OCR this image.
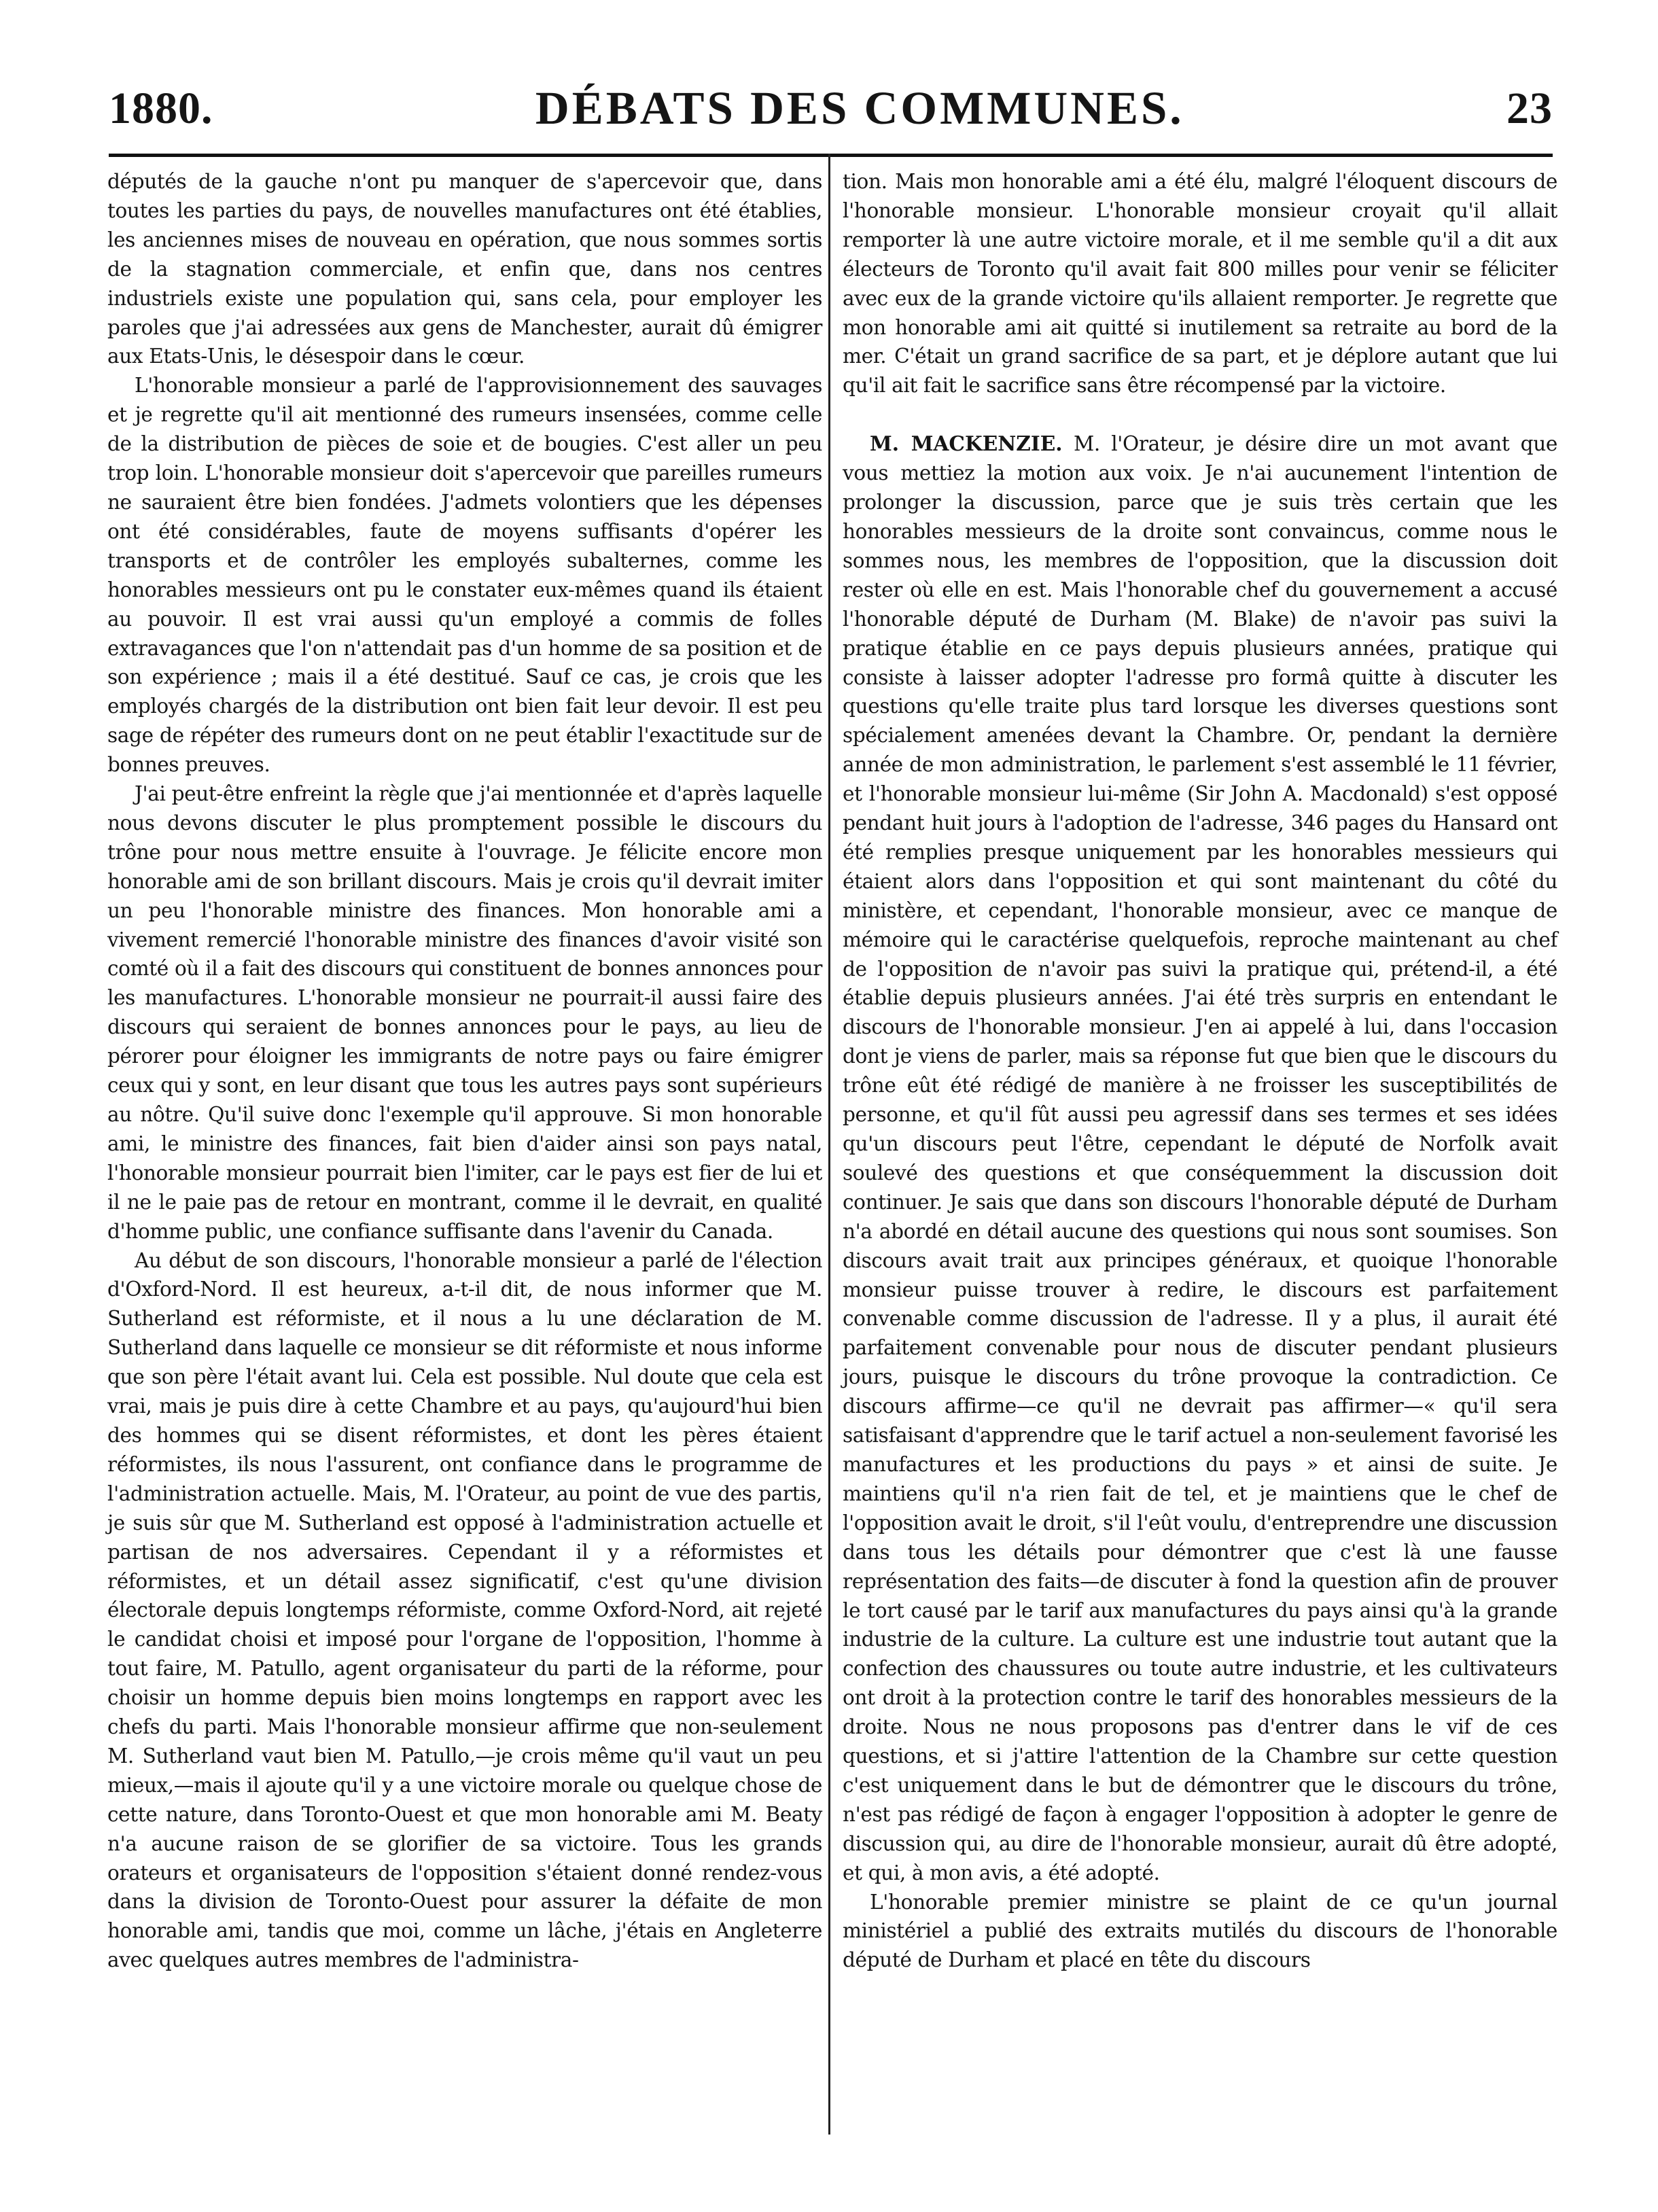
1880.	DÉBATS DES COMMUNES.	23

députés de la gauche n'ont pu manquer de s'apercevoir que, dans toutes les parties du pays, de nouvelles manufactures ont été établies, les anciennes mises de nouveau en opération, que nous sommes sortis de la stagnation commerciale, et enfin que, dans nos centres industriels existe une population qui, sans cela, pour employer les paroles que j'ai adressées aux gens de Manchester, aurait dû émigrer aux Etats-Unis, le désespoir dans le cœur.

L'honorable monsieur a parlé de l'approvisionnement des sauvages et je regrette qu'il ait mentionné des rumeurs insensées, comme celle de la distribution de pièces de soie et de bougies. C'est aller un peu trop loin. L'honorable monsieur doit s'apercevoir que pareilles rumeurs ne sauraient être bien fondées. J'admets volontiers que les dépenses ont été considérables, faute de moyens suffisants d'opérer les transports et de contrôler les employés subalternes, comme les honorables messieurs ont pu le constater eux-mêmes quand ils étaient au pouvoir. Il est vrai aussi qu'un employé a commis de folles extravagances que l'on n'attendait pas d'un homme de sa position et de son expérience ; mais il a été destitué. Sauf ce cas, je crois que les employés chargés de la distribution ont bien fait leur devoir. Il est peu sage de répéter des rumeurs dont on ne peut établir l'exactitude sur de bonnes preuves.

J'ai peut-être enfreint la règle que j'ai mentionnée et d'après laquelle nous devons discuter le plus promptement possible le discours du trône pour nous mettre ensuite à l'ouvrage. Je félicite encore mon honorable ami de son brillant discours. Mais je crois qu'il devrait imiter un peu l'honorable ministre des finances. Mon honorable ami a vivement remercié l'honorable ministre des finances d'avoir visité son comté où il a fait des discours qui constituent de bonnes annonces pour les manufactures. L'honorable monsieur ne pourrait-il aussi faire des discours qui seraient de bonnes annonces pour le pays, au lieu de pérorer pour éloigner les immigrants de notre pays ou faire émigrer ceux qui y sont, en leur disant que tous les autres pays sont supérieurs au nôtre. Qu'il suive donc l'exemple qu'il approuve. Si mon honorable ami, le ministre des finances, fait bien d'aider ainsi son pays natal, l'honorable monsieur pourrait bien l'imiter, car le pays est fier de lui et il ne le paie pas de retour en montrant, comme il le devrait, en qualité d'homme public, une confiance suffisante dans l'avenir du Canada.

Au début de son discours, l'honorable monsieur a parlé de l'élection d'Oxford-Nord. Il est heureux, a-t-il dit, de nous informer que M. Sutherland est réformiste, et il nous a lu une déclaration de M. Sutherland dans laquelle ce monsieur se dit réformiste et nous informe que son père l'était avant lui. Cela est possible. Nul doute que cela est vrai, mais je puis dire à cette Chambre et au pays, qu'aujourd'hui bien des hommes qui se disent réformistes, et dont les pères étaient réformistes, ils nous l'assurent, ont confiance dans le programme de l'administration actuelle. Mais, M. l'Orateur, au point de vue des partis, je suis sûr que M. Sutherland est opposé à l'administration actuelle et partisan de nos adversaires. Cependant il y a réformistes et réformistes, et un détail assez significatif, c'est qu'une division électorale depuis longtemps réformiste, comme Oxford-Nord, ait rejeté le candidat choisi et imposé pour l'organe de l'opposition, l'homme à tout faire, M. Patullo, agent organisateur du parti de la réforme, pour choisir un homme depuis bien moins longtemps en rapport avec les chefs du parti. Mais l'honorable monsieur affirme que non-seulement M. Sutherland vaut bien M. Patullo,—je crois même qu'il vaut un peu mieux,—mais il ajoute qu'il y a une victoire morale ou quelque chose de cette nature, dans Toronto-Ouest et que mon honorable ami M. Beaty n'a aucune raison de se glorifier de sa victoire. Tous les grands orateurs et organisateurs de l'opposition s'étaient donné rendez-vous dans la division de Toronto-Ouest pour assurer la défaite de mon honorable ami, tandis que moi, comme un lâche, j'étais en Angleterre avec quelques autres membres de l'administra-

tion. Mais mon honorable ami a été élu, malgré l'éloquent discours de l'honorable monsieur. L'honorable monsieur croyait qu'il allait remporter là une autre victoire morale, et il me semble qu'il a dit aux électeurs de Toronto qu'il avait fait 800 milles pour venir se féliciter avec eux de la grande victoire qu'ils allaient remporter. Je regrette que mon honorable ami ait quitté si inutilement sa retraite au bord de la mer. C'était un grand sacrifice de sa part, et je déplore autant que lui qu'il ait fait le sacrifice sans être récompensé par la victoire.

M. MACKENZIE. M. l'Orateur, je désire dire un mot avant que vous mettiez la motion aux voix. Je n'ai aucunement l'intention de prolonger la discussion, parce que je suis très certain que les honorables messieurs de la droite sont convaincus, comme nous le sommes nous, les membres de l'opposition, que la discussion doit rester où elle en est. Mais l'honorable chef du gouvernement a accusé l'honorable député de Durham (M. Blake) de n'avoir pas suivi la pratique établie en ce pays depuis plusieurs années, pratique qui consiste à laisser adopter l'adresse pro formâ quitte à discuter les questions qu'elle traite plus tard lorsque les diverses questions sont spécialement amenées devant la Chambre. Or, pendant la dernière année de mon administration, le parlement s'est assemblé le 11 février, et l'honorable monsieur lui-même (Sir John A. Macdonald) s'est opposé pendant huit jours à l'adoption de l'adresse, 346 pages du Hansard ont été remplies presque uniquement par les honorables messieurs qui étaient alors dans l'opposition et qui sont maintenant du côté du ministère, et cependant, l'honorable monsieur, avec ce manque de mémoire qui le caractérise quelquefois, reproche maintenant au chef de l'opposition de n'avoir pas suivi la pratique qui, prétend-il, a été établie depuis plusieurs années. J'ai été très surpris en entendant le discours de l'honorable monsieur. J'en ai appelé à lui, dans l'occasion dont je viens de parler, mais sa réponse fut que bien que le discours du trône eût été rédigé de manière à ne froisser les susceptibilités de personne, et qu'il fût aussi peu agressif dans ses termes et ses idées qu'un discours peut l'être, cependant le député de Norfolk avait soulevé des questions et que conséquemment la discussion doit continuer. Je sais que dans son discours l'honorable député de Durham n'a abordé en détail aucune des questions qui nous sont soumises. Son discours avait trait aux principes généraux, et quoique l'honorable monsieur puisse trouver à redire, le discours est parfaitement convenable comme discussion de l'adresse. Il y a plus, il aurait été parfaitement convenable pour nous de discuter pendant plusieurs jours, puisque le discours du trône provoque la contradiction. Ce discours affirme—ce qu'il ne devrait pas affirmer—« qu'il sera satisfaisant d'apprendre que le tarif actuel a non-seulement favorisé les manufactures et les productions du pays » et ainsi de suite. Je maintiens qu'il n'a rien fait de tel, et je maintiens que le chef de l'opposition avait le droit, s'il l'eût voulu, d'entreprendre une discussion dans tous les détails pour démontrer que c'est là une fausse représentation des faits—de discuter à fond la question afin de prouver le tort causé par le tarif aux manufactures du pays ainsi qu'à la grande industrie de la culture. La culture est une industrie tout autant que la confection des chaussures ou toute autre industrie, et les cultivateurs ont droit à la protection contre le tarif des honorables messieurs de la droite. Nous ne nous proposons pas d'entrer dans le vif de ces questions, et si j'attire l'attention de la Chambre sur cette question c'est uniquement dans le but de démontrer que le discours du trône, n'est pas rédigé de façon à engager l'opposition à adopter le genre de discussion qui, au dire de l'honorable monsieur, aurait dû être adopté, et qui, à mon avis, a été adopté.

L'honorable premier ministre se plaint de ce qu'un journal ministériel a publié des extraits mutilés du discours de l'honorable député de Durham et placé en tête du discours
